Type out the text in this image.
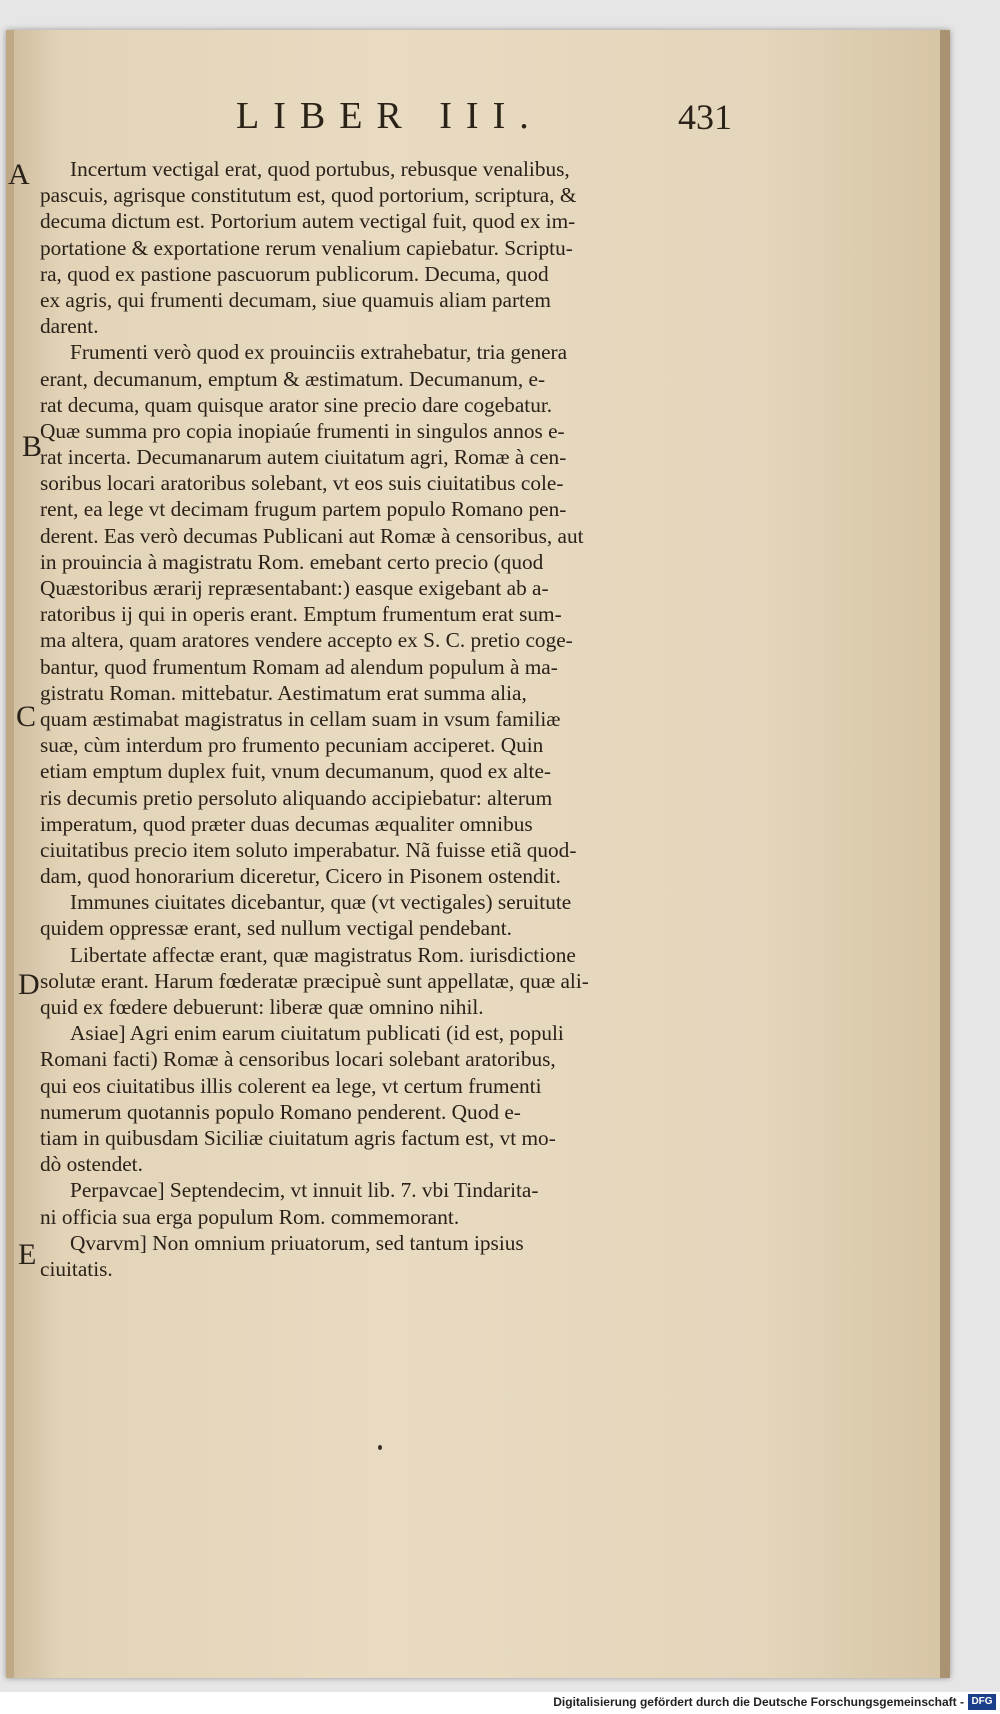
LIBER III.	431
A
B
C
D
E
Incertum vectigal erat, quod portubus, rebusque venalibus,
pascuis, agrisque constitutum est, quod portorium, scriptura, &
decuma dictum est. Portorium autem vectigal fuit, quod ex im-
portatione & exportatione rerum venalium capiebatur. Scriptu-
ra, quod ex pastione pascuorum publicorum. Decuma, quod
ex agris, qui frumenti decumam, siue quamuis aliam partem
darent.
Frumenti verò quod ex prouinciis extrahebatur, tria genera
erant, decumanum, emptum & æstimatum. Decumanum, e-
rat decuma, quam quisque arator sine precio dare cogebatur.
Quæ summa pro copia inopiaúe frumenti in singulos annos e-
rat incerta. Decumanarum autem ciuitatum agri, Romæ à cen-
soribus locari aratoribus solebant, vt eos suis ciuitatibus cole-
rent, ea lege vt decimam frugum partem populo Romano pen-
derent. Eas verò decumas Publicani aut Romæ à censoribus, aut
in prouincia à magistratu Rom. emebant certo precio (quod
Quæstoribus ærarij repræsentabant:) easque exigebant ab a-
ratoribus ij qui in operis erant. Emptum frumentum erat sum-
ma altera, quam aratores vendere accepto ex S. C. pretio coge-
bantur, quod frumentum Romam ad alendum populum à ma-
gistratu Roman. mittebatur. Aestimatum erat summa alia,
quam æstimabat magistratus in cellam suam in vsum familiæ
suæ, cùm interdum pro frumento pecuniam acciperet. Quin
etiam emptum duplex fuit, vnum decumanum, quod ex alte-
ris decumis pretio persoluto aliquando accipiebatur: alterum
imperatum, quod præter duas decumas æqualiter omnibus
ciuitatibus precio item soluto imperabatur. Nã fuisse etiã quod-
dam, quod honorarium diceretur, Cicero in Pisonem ostendit.
Immunes ciuitates dicebantur, quæ (vt vectigales) seruitute
quidem oppressæ erant, sed nullum vectigal pendebant.
Libertate affectæ erant, quæ magistratus Rom. iurisdictione
solutæ erant. Harum fœderatæ præcipuè sunt appellatæ, quæ ali-
quid ex fœdere debuerunt: liberæ quæ omnino nihil.
Asiae] Agri enim earum ciuitatum publicati (id est, populi
Romani facti) Romæ à censoribus locari solebant aratoribus,
qui eos ciuitatibus illis colerent ea lege, vt certum frumenti
numerum quotannis populo Romano penderent. Quod e-
tiam in quibusdam Siciliæ ciuitatum agris factum est, vt mo-
dò ostendet.
Perpavcae] Septendecim, vt innuit lib. 7. vbi Tindarita-
ni officia sua erga populum Rom. commemorant.
Qvarvm] Non omnium priuatorum, sed tantum ipsius
ciuitatis.
Digitalisierung gefördert durch die Deutsche Forschungsgemeinschaft - DFG
